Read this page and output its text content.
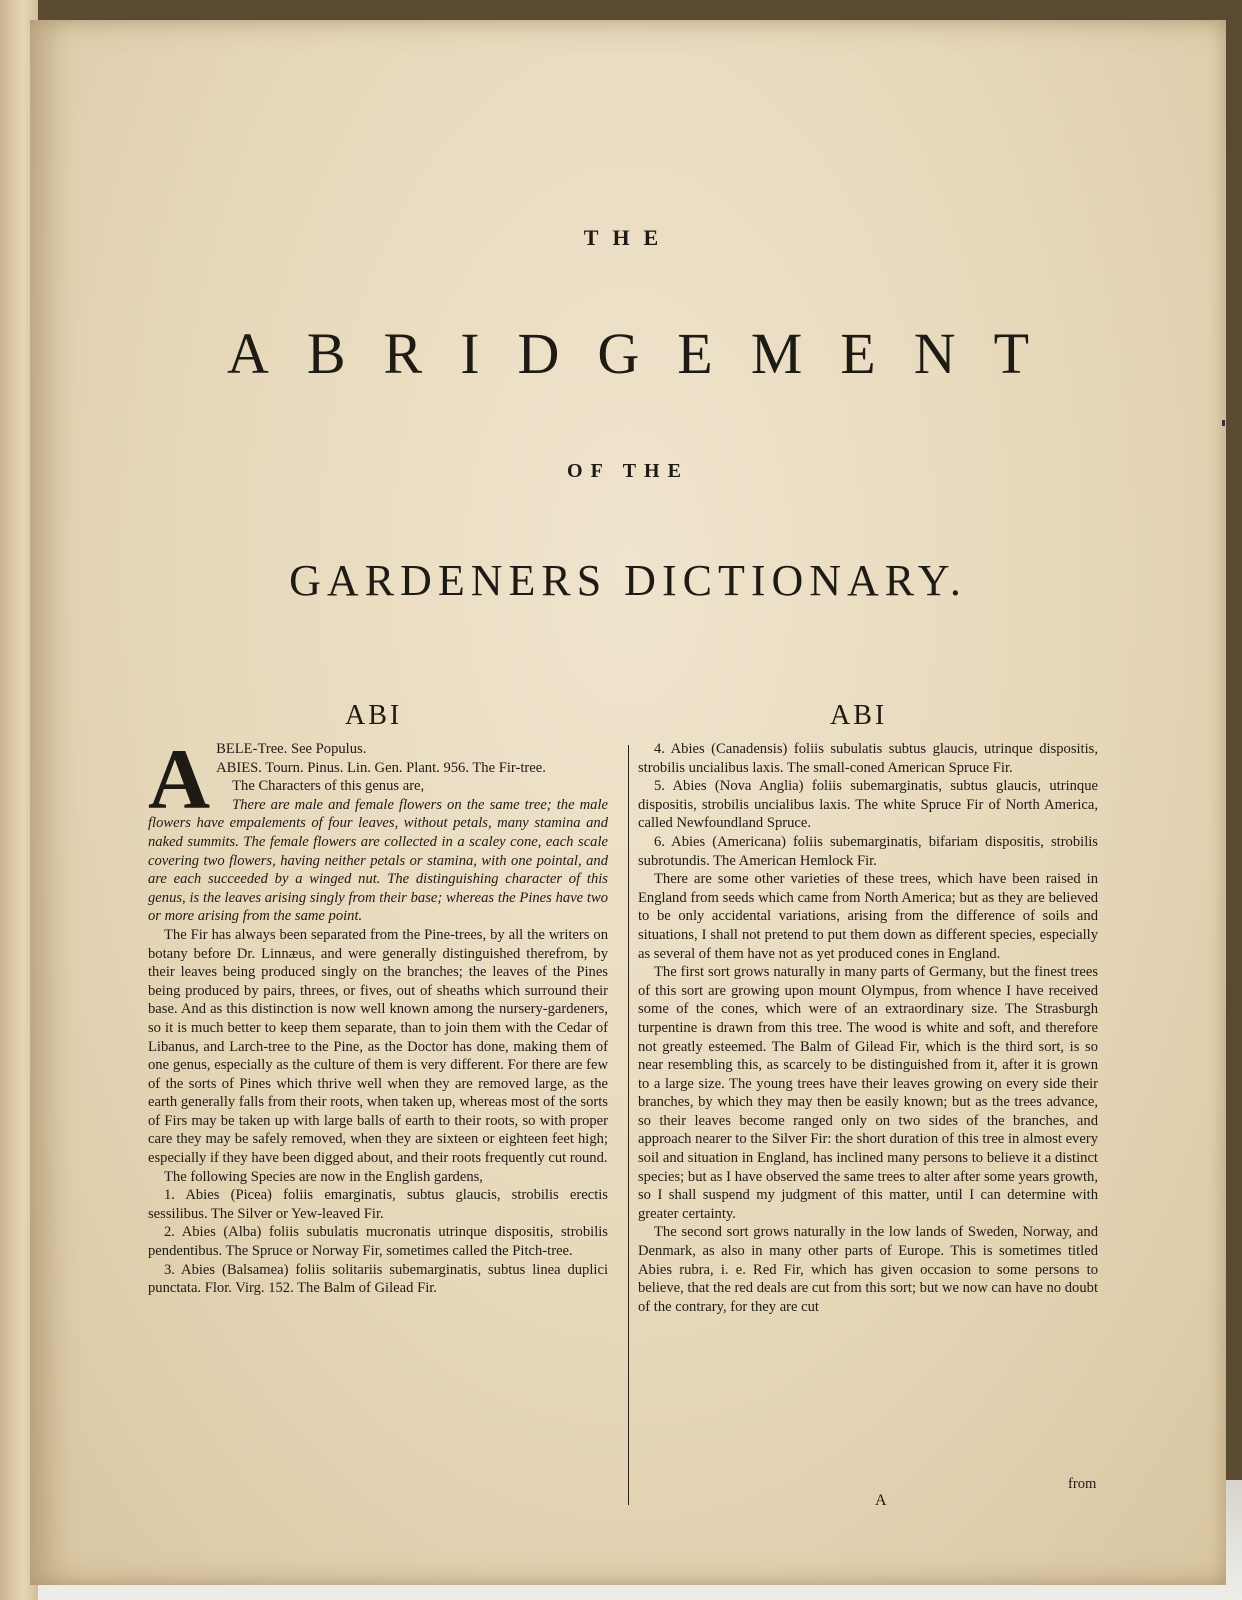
THE
ABRIDGEMENT
OF THE
GARDENERS DICTIONARY.
ABI	ABI
A BELE-Tree. See Populus.

ABIES. Tourn. Pinus. Lin. Gen. Plant. 956. The Fir-tree.

The Characters of this genus are,

There are male and female flowers on the same tree; the male flowers have empalements of four leaves, without petals, many stamina and naked summits. The female flowers are collected in a scaley cone, each scale covering two flowers, having neither petals or stamina, with one pointal, and are each succeeded by a winged nut. The distinguishing character of this genus, is the leaves arising singly from their base; whereas the Pines have two or more arising from the same point.

The Fir has always been separated from the Pine-trees, by all the writers on botany before Dr. Linnæus, and were generally distinguished therefrom, by their leaves being produced singly on the branches; the leaves of the Pines being produced by pairs, threes, or fives, out of sheaths which surround their base. And as this distinction is now well known among the nursery-gardeners, so it is much better to keep them separate, than to join them with the Cedar of Libanus, and Larch-tree to the Pine, as the Doctor has done, making them of one genus, especially as the culture of them is very different. For there are few of the sorts of Pines which thrive well when they are removed large, as the earth generally falls from their roots, when taken up, whereas most of the sorts of Firs may be taken up with large balls of earth to their roots, so with proper care they may be safely removed, when they are sixteen or eighteen feet high; especially if they have been digged about, and their roots frequently cut round.

The following Species are now in the English gardens,

1. Abies (Picea) foliis emarginatis, subtus glaucis, strobilis erectis sessilibus. The Silver or Yew-leaved Fir.

2. Abies (Alba) foliis subulatis mucronatis utrinque dispositis, strobilis pendentibus. The Spruce or Norway Fir, sometimes called the Pitch-tree.

3. Abies (Balsamea) foliis solitariis subemarginatis, subtus linea duplici punctata. Flor. Virg. 152. The Balm of Gilead Fir.

4. Abies (Canadensis) foliis subulatis subtus glaucis, utrinque dispositis, strobilis uncialibus laxis. The small-coned American Spruce Fir.

5. Abies (Nova Anglia) foliis subemarginatis, subtus glaucis, utrinque dispositis, strobilis uncialibus laxis. The white Spruce Fir of North America, called Newfoundland Spruce.

6. Abies (Americana) foliis subemarginatis, bifariam dispositis, strobilis subrotundis. The American Hemlock Fir.

There are some other varieties of these trees, which have been raised in England from seeds which came from North America; but as they are believed to be only accidental variations, arising from the difference of soils and situations, I shall not pretend to put them down as different species, especially as several of them have not as yet produced cones in England.

The first sort grows naturally in many parts of Germany, but the finest trees of this sort are growing upon mount Olympus, from whence I have received some of the cones, which were of an extraordinary size. The Strasburgh turpentine is drawn from this tree. The wood is white and soft, and therefore not greatly esteemed. The Balm of Gilead Fir, which is the third sort, is so near resembling this, as scarcely to be distinguished from it, after it is grown to a large size. The young trees have their leaves growing on every side their branches, by which they may then be easily known; but as the trees advance, so their leaves become ranged only on two sides of the branches, and approach nearer to the Silver Fir: the short duration of this tree in almost every soil and situation in England, has inclined many persons to believe it a distinct species; but as I have observed the same trees to alter after some years growth, so I shall suspend my judgment of this matter, until I can determine with greater certainty.

The second sort grows naturally in the low lands of Sweden, Norway, and Denmark, as also in many other parts of Europe. This is sometimes titled Abies rubra, i. e. Red Fir, which has given occasion to some persons to believe, that the red deals are cut from this sort; but we now can have no doubt of the contrary, for they are cut

A
from
